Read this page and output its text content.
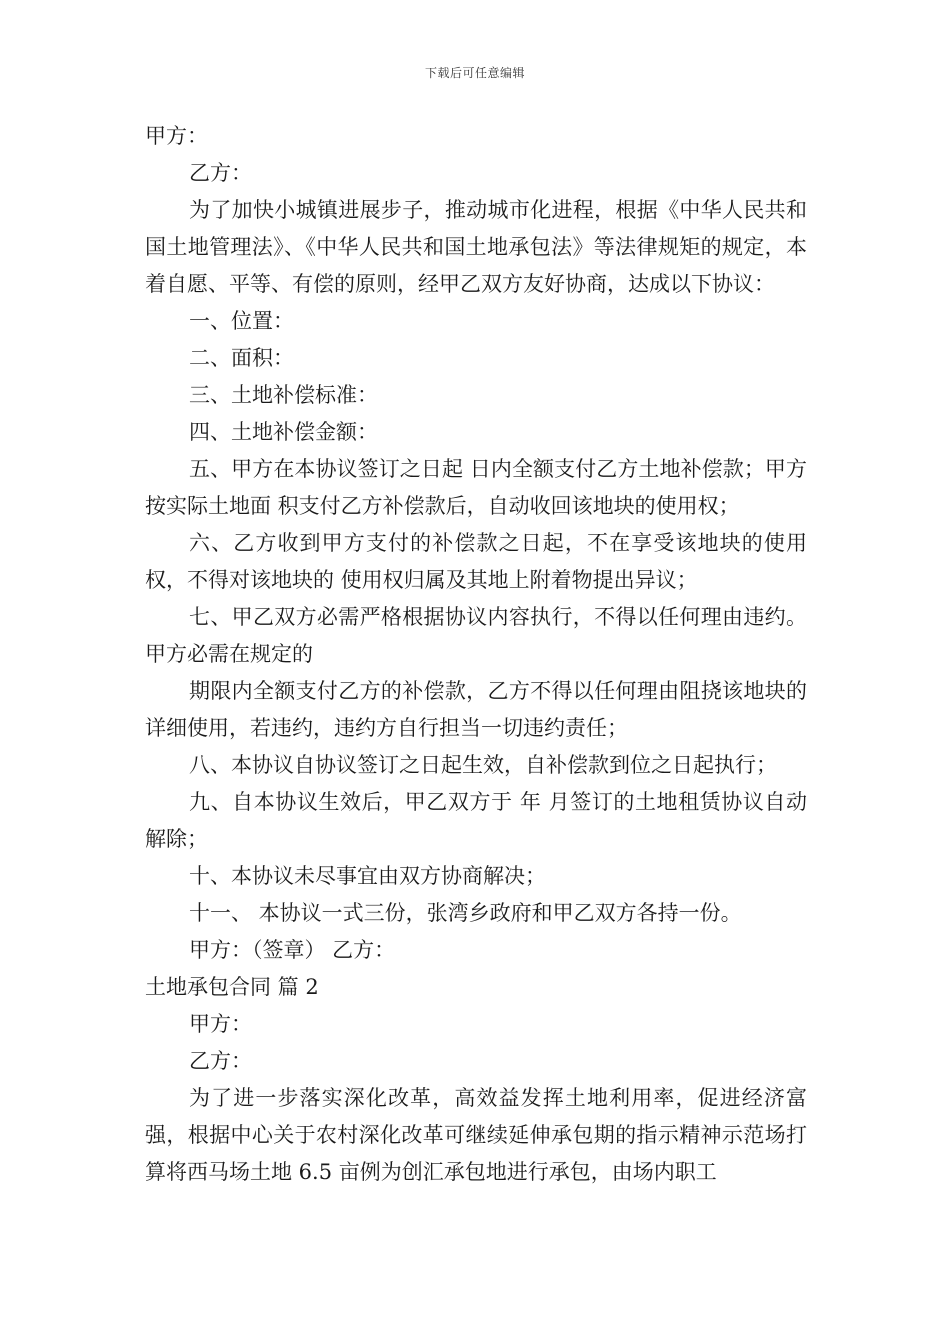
下载后可任意编辑

甲方：

乙方：

为了加快小城镇进展步子，推动城市化进程，根据《中华人民共和国土地管理法》、《中华人民共和国土地承包法》等法律规矩的规定，本着自愿、平等、有偿的原则，经甲乙双方友好协商，达成以下协议：

一、位置：

二、面积：

三、土地补偿标准：

四、土地补偿金额：

五、甲方在本协议签订之日起 日内全额支付乙方土地补偿款；甲方按实际土地面 积支付乙方补偿款后，自动收回该地块的使用权；

六、乙方收到甲方支付的补偿款之日起，不在享受该地块的使用权，不得对该地块的 使用权归属及其地上附着物提出异议；

七、甲乙双方必需严格根据协议内容执行，不得以任何理由违约。甲方必需在规定的

期限内全额支付乙方的补偿款，乙方不得以任何理由阻挠该地块的详细使用，若违约，违约方自行担当一切违约责任；

八、本协议自协议签订之日起生效，自补偿款到位之日起执行；

九、自本协议生效后，甲乙双方于 年 月签订的土地租赁协议自动解除；

十、本协议未尽事宜由双方协商解决；

十一、 本协议一式三份，张湾乡政府和甲乙双方各持一份。

甲方：（签章） 乙方：

土地承包合同 篇 2

甲方：

乙方：

为了进一步落实深化改革，高效益发挥土地利用率，促进经济富强，根据中心关于农村深化改革可继续延伸承包期的指示精神示范场打算将西马场土地 6.5 亩例为创汇承包地进行承包，由场内职工
